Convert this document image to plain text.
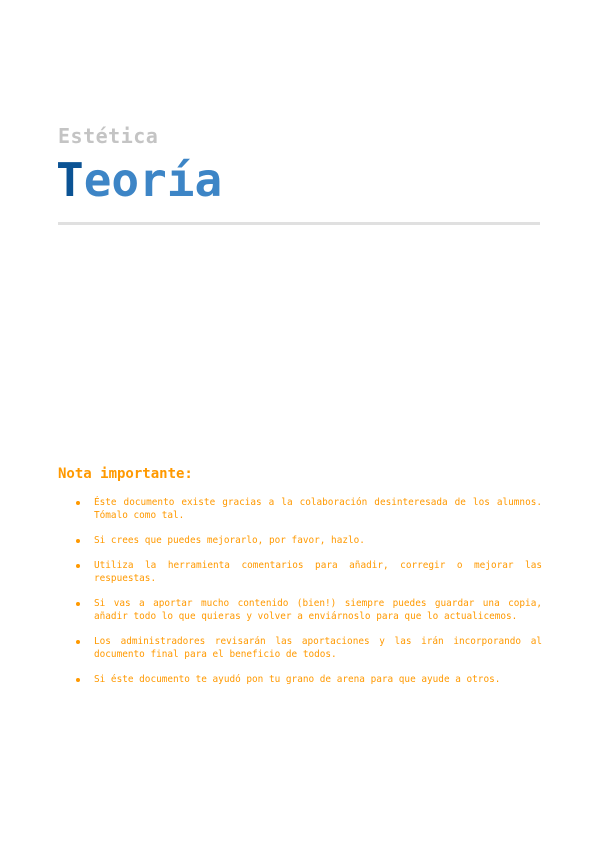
Estética
Teoría
Nota importante:
Éste documento existe gracias a la colaboración desinteresada de los alumnos. Tómalo como tal.
Si crees que puedes mejorarlo, por favor, hazlo.
Utiliza la herramienta comentarios para añadir, corregir o mejorar las respuestas.
Si vas a aportar mucho contenido (bien!) siempre puedes guardar una copia, añadir todo lo que quieras y volver a enviárnoslo para que lo actualicemos.
Los administradores revisarán las aportaciones y las irán incorporando al documento final para el beneficio de todos.
Si éste documento te ayudó pon tu grano de arena para que ayude a otros.
